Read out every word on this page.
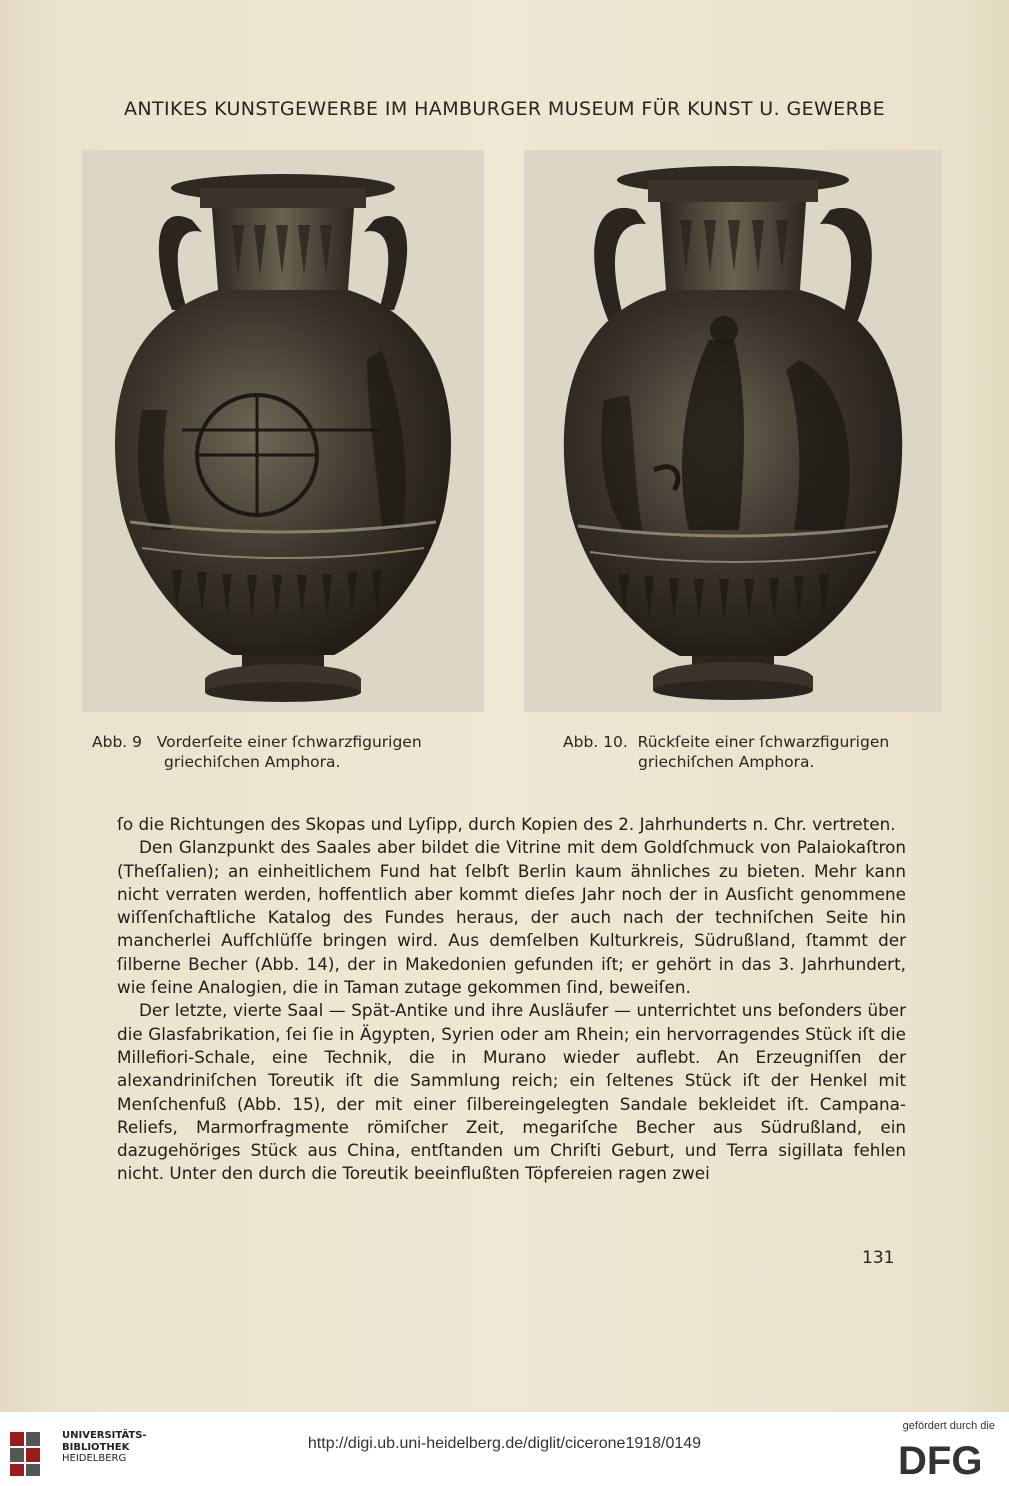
ANTIKES KUNSTGEWERBE IM HAMBURGER MUSEUM FÜR KUNST U. GEWERBE
Abb. 9 Vorderſeite einer ſchwarzfigurigen
griechiſchen Amphora.
Abb. 10. Rückſeite einer ſchwarzfigurigen
griechiſchen Amphora.

ſo die Richtungen des Skopas und Lyſipp, durch Kopien des 2. Jahrhunderts n. Chr. vertreten.

Den Glanzpunkt des Saales aber bildet die Vitrine mit dem Goldſchmuck von Palaiokaſtron (Theſſalien); an einheitlichem Fund hat ſelbſt Berlin kaum ähnliches zu bieten. Mehr kann nicht verraten werden, hoffentlich aber kommt dieſes Jahr noch der in Ausſicht genommene wiſſenſchaftliche Katalog des Fundes heraus, der auch nach der techniſchen Seite hin mancherlei Aufſchlüſſe bringen wird. Aus demſelben Kulturkreis, Südrußland, ſtammt der ſilberne Becher (Abb. 14), der in Makedonien gefunden iſt; er gehört in das 3. Jahrhundert, wie ſeine Analogien, die in Taman zutage gekommen ſind, beweiſen.

Der letzte, vierte Saal — Spät-Antike und ihre Ausläufer — unterrichtet uns beſonders über die Glasfabrikation, ſei ſie in Ägypten, Syrien oder am Rhein; ein hervorragendes Stück iſt die Millefiori-Schale, eine Technik, die in Murano wieder auflebt. An Erzeugniſſen der alexandriniſchen Toreutik iſt die Sammlung reich; ein ſeltenes Stück iſt der Henkel mit Menſchenfuß (Abb. 15), der mit einer ſilbereingelegten Sandale bekleidet iſt. Campana-Reliefs, Marmorfragmente römiſcher Zeit, megariſche Becher aus Südrußland, ein dazugehöriges Stück aus China, entſtanden um Chriſti Geburt, und Terra sigillata fehlen nicht. Unter den durch die Toreutik beeinflußten Töpfereien ragen zwei

131
UNIVERSITÄTS-
BIBLIOTHEK
HEIDELBERG
http://digi.ub.uni-heidelberg.de/diglit/cicerone1918/0149
gefördert durch die
DFG
